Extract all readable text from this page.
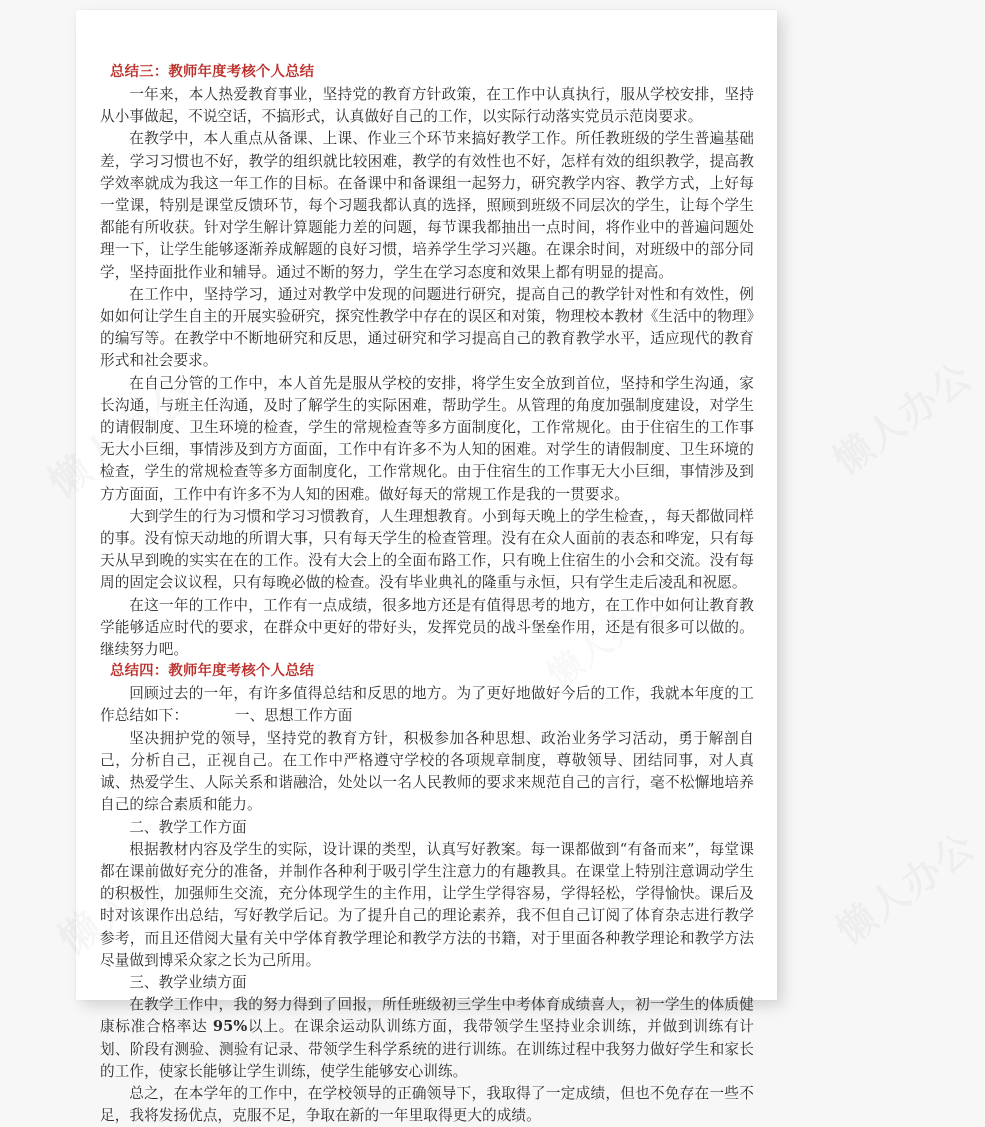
总结三：教师年度考核个人总结

一年来，本人热爱教育事业，坚持党的教育方针政策，在工作中认真执行，服从学校安排，坚持从小事做起，不说空话，不搞形式，认真做好自己的工作，以实际行动落实党员示范岗要求。

在教学中，本人重点从备课、上课、作业三个环节来搞好教学工作。所任教班级的学生普遍基础差，学习习惯也不好，教学的组织就比较困难，教学的有效性也不好，怎样有效的组织教学，提高教学效率就成为我这一年工作的目标。在备课中和备课组一起努力，研究教学内容、教学方式，上好每一堂课，特别是课堂反馈环节，每个习题我都认真的选择，照顾到班级不同层次的学生，让每个学生都能有所收获。针对学生解计算题能力差的问题，每节课我都抽出一点时间，将作业中的普遍问题处理一下，让学生能够逐渐养成解题的良好习惯，培养学生学习兴趣。在课余时间，对班级中的部分同学，坚持面批作业和辅导。通过不断的努力，学生在学习态度和效果上都有明显的提高。

在工作中，坚持学习，通过对教学中发现的问题进行研究，提高自己的教学针对性和有效性，例如如何让学生自主的开展实验研究，探究性教学中存在的误区和对策，物理校本教材《生活中的物理》的编写等。在教学中不断地研究和反思，通过研究和学习提高自己的教育教学水平，适应现代的教育形式和社会要求。

在自己分管的工作中，本人首先是服从学校的安排，将学生安全放到首位，坚持和学生沟通，家长沟通，与班主任沟通，及时了解学生的实际困难，帮助学生。从管理的角度加强制度建设，对学生的请假制度、卫生环境的检查，学生的常规检查等多方面制度化，工作常规化。由于住宿生的工作事无大小巨细，事情涉及到方方面面，工作中有许多不为人知的困难。对学生的请假制度、卫生环境的检查，学生的常规检查等多方面制度化，工作常规化。由于住宿生的工作事无大小巨细，事情涉及到方方面面，工作中有许多不为人知的困难。做好每天的常规工作是我的一贯要求。

大到学生的行为习惯和学习习惯教育，人生理想教育。小到每天晚上的学生检查，，每天都做同样的事。没有惊天动地的所谓大事，只有每天学生的检查管理。没有在众人面前的表态和哗宠，只有每天从早到晚的实实在在的工作。没有大会上的全面布路工作，只有晚上住宿生的小会和交流。没有每周的固定会议议程，只有每晚必做的检查。没有毕业典礼的隆重与永恒，只有学生走后凌乱和祝愿。

在这一年的工作中，工作有一点成绩，很多地方还是有值得思考的地方，在工作中如何让教育教学能够适应时代的要求，在群众中更好的带好头，发挥党员的战斗堡垒作用，还是有很多可以做的。继续努力吧。

总结四：教师年度考核个人总结

回顾过去的一年，有许多值得总结和反思的地方。为了更好地做好今后的工作，我就本年度的工作总结如下：	一、思想工作方面

坚决拥护党的领导，坚持党的教育方针，积极参加各种思想、政治业务学习活动，勇于解剖自己，分析自己，正视自己。在工作中严格遵守学校的各项规章制度，尊敬领导、团结同事，对人真诚、热爱学生、人际关系和谐融洽，处处以一名人民教师的要求来规范自己的言行，毫不松懈地培养自己的综合素质和能力。

二、教学工作方面

根据教材内容及学生的实际，设计课的类型，认真写好教案。每一课都做到“有备而来”，每堂课都在课前做好充分的准备，并制作各种利于吸引学生注意力的有趣教具。在课堂上特别注意调动学生的积极性，加强师生交流，充分体现学生的主作用，让学生学得容易，学得轻松，学得愉快。课后及时对该课作出总结，写好教学后记。为了提升自己的理论素养，我不但自己订阅了体育杂志进行教学参考，而且还借阅大量有关中学体育教学理论和教学方法的书籍，对于里面各种教学理论和教学方法尽量做到博采众家之长为己所用。

三、教学业绩方面

在教学工作中，我的努力得到了回报，所任班级初三学生中考体育成绩喜人，初一学生的体质健康标准合格率达 95%以上。在课余运动队训练方面，我带领学生坚持业余训练，并做到训练有计划、阶段有测验、测验有记录、带领学生科学系统的进行训练。在训练过程中我努力做好学生和家长的工作，使家长能够让学生训练，使学生能够安心训练。

总之，在本学年的工作中，在学校领导的正确领导下，我取得了一定成绩，但也不免存在一些不足，我将发扬优点，克服不足，争取在新的一年里取得更大的成绩。
